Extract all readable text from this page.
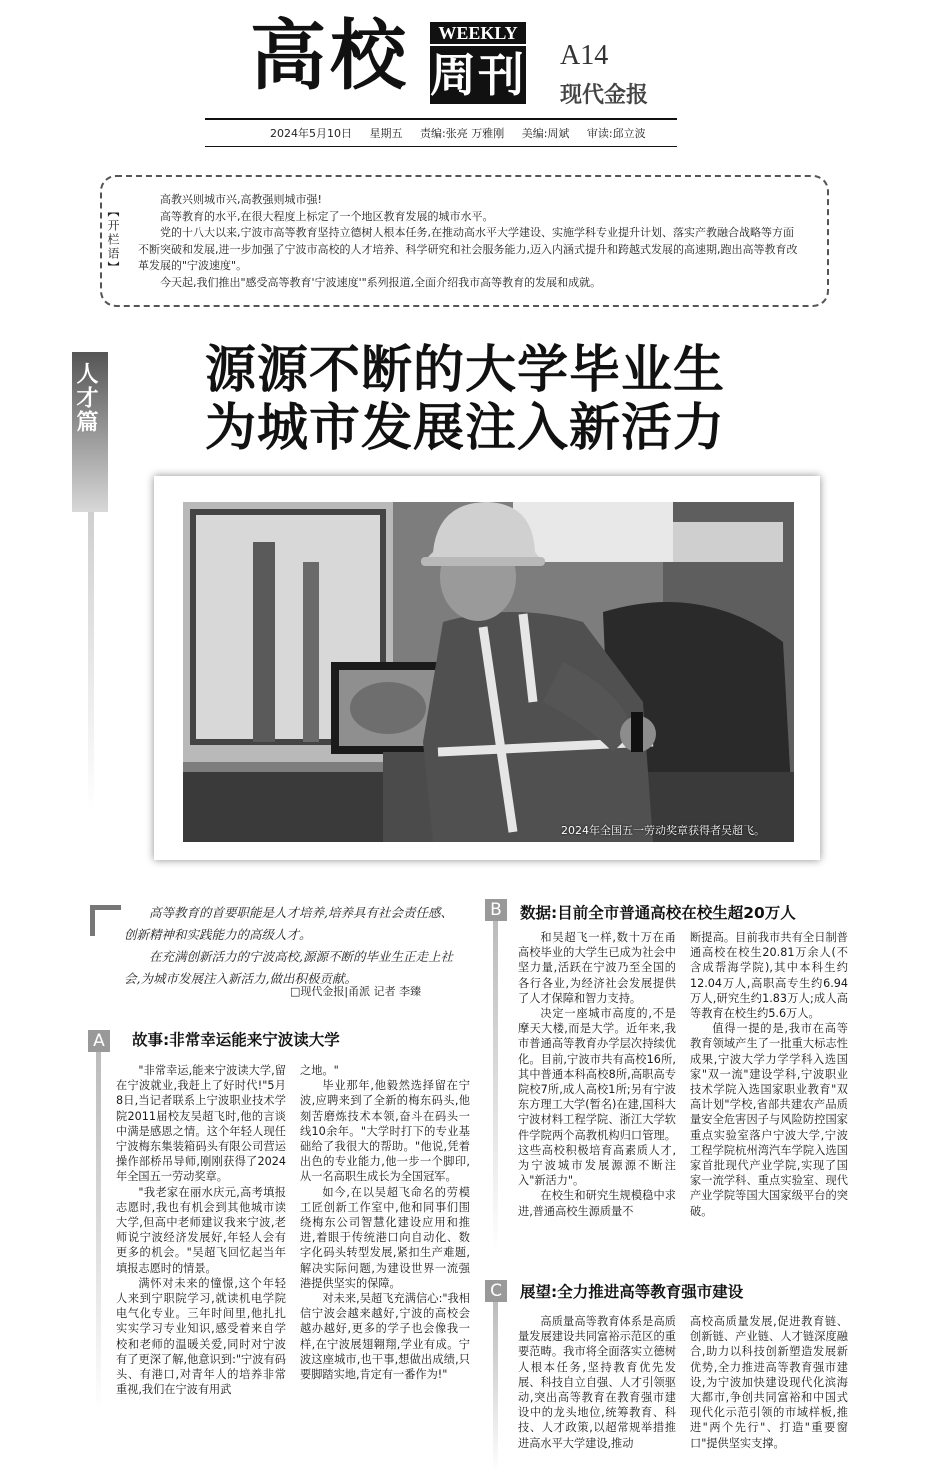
高校	WEEKLY
周刊 A14
现代金报
2024年5月10日 星期五 责编:张亮 万雅刚 美编:周斌 审读:邱立波
【开栏语】

高教兴则城市兴,高教强则城市强!

高等教育的水平,在很大程度上标定了一个地区教育发展的城市水平。

党的十八大以来,宁波市高等教育坚持立德树人根本任务,在推动高水平大学建设、实施学科专业提升计划、落实产教融合战略等方面不断突破和发展,进一步加强了宁波市高校的人才培养、科学研究和社会服务能力,迈入内涵式提升和跨越式发展的高速期,跑出高等教育改革发展的"宁波速度"。

今天起,我们推出"感受高等教育'宁波速度'"系列报道,全面介绍我市高等教育的发展和成就。

人才篇 源源不断的大学毕业生
为城市发展注入新活力
2024年全国五一劳动奖章获得者吴超飞。

高等教育的首要职能是人才培养,培养具有社会责任感、创新精神和实践能力的高级人才。

在充满创新活力的宁波高校,源源不断的毕业生正走上社会,为城市发展注入新活力,做出积极贡献。

□现代金报|甬派 记者 李臻
A	故事:非常幸运能来宁波读大学

"非常幸运,能来宁波读大学,留在宁波就业,我赶上了好时代!"5月8日,当记者联系上宁波职业技术学院2011届校友吴超飞时,他的言谈中满是感恩之情。这个年轻人现任宁波梅东集装箱码头有限公司营运操作部桥吊导师,刚刚获得了2024年全国五一劳动奖章。

"我老家在丽水庆元,高考填报志愿时,我也有机会到其他城市读大学,但高中老师建议我来宁波,老师说宁波经济发展好,年轻人会有更多的机会。"吴超飞回忆起当年填报志愿时的情景。

满怀对未来的憧憬,这个年轻人来到宁职院学习,就读机电学院电气化专业。三年时间里,他扎扎实实学习专业知识,感受着来自学校和老师的温暖关爱,同时对宁波有了更深了解,他意识到:"宁波有码头、有港口,对青年人的培养非常重视,我们在宁波有用武

之地。"

毕业那年,他毅然选择留在宁波,应聘来到了全新的梅东码头,他刻苦磨炼技术本领,奋斗在码头一线10余年。"大学时打下的专业基础给了我很大的帮助。"他说,凭着出色的专业能力,他一步一个脚印,从一名高职生成长为全国冠军。

如今,在以吴超飞命名的劳模工匠创新工作室中,他和同事们围绕梅东公司智慧化建设应用和推进,着眼于传统港口向自动化、数字化码头转型发展,紧扣生产难题,解决实际问题,为建设世界一流强港提供坚实的保障。

对未来,吴超飞充满信心:"我相信宁波会越来越好,宁波的高校会越办越好,更多的学子也会像我一样,在宁波展翅翱翔,学业有成。宁波这座城市,也干事,想做出成绩,只要脚踏实地,肯定有一番作为!"

B	数据:目前全市普通高校在校生超20万人

和吴超飞一样,数十万在甬高校毕业的大学生已成为社会中坚力量,活跃在宁波乃至全国的各行各业,为经济社会发展提供了人才保障和智力支持。

决定一座城市高度的,不是摩天大楼,而是大学。近年来,我市普通高等教育办学层次持续优化。目前,宁波市共有高校16所,其中普通本科高校8所,高职高专院校7所,成人高校1所;另有宁波东方理工大学(暂名)在建,国科大宁波材料工程学院、浙江大学软件学院两个高教机构归口管理。这些高校积极培育高素质人才,为宁波城市发展源源不断注入"新活力"。

在校生和研究生规模稳中求进,普通高校生源质量不

断提高。目前我市共有全日制普通高校在校生20.81万余人(不含成帮海学院),其中本科生约12.04万人,高职高专生约6.94万人,研究生约1.83万人;成人高等教育在校生约5.6万人。

值得一提的是,我市在高等教育领域产生了一批重大标志性成果,宁波大学力学学科入选国家"双一流"建设学科,宁波职业技术学院入选国家职业教育"双高计划"学校,省部共建农产品质量安全危害因子与风险防控国家重点实验室落户宁波大学,宁波工程学院杭州湾汽车学院入选国家首批现代产业学院,实现了国家一流学科、重点实验室、现代产业学院等国大国家级平台的突破。

C	展望:全力推进高等教育强市建设

高质量高等教育体系是高质量发展建设共同富裕示范区的重要范畴。我市将全面落实立德树人根本任务,坚持教育优先发展、科技自立自强、人才引领驱动,突出高等教育在教育强市建设中的龙头地位,统筹教育、科技、人才政策,以超常规举措推进高水平大学建设,推动

高校高质量发展,促进教育链、创新链、产业链、人才链深度融合,助力以科技创新塑造发展新优势,全力推进高等教育强市建设,为宁波加快建设现代化滨海大都市,争创共同富裕和中国式现代化示范引领的市域样板,推进"两个先行"、打造"重要窗口"提供坚实支撑。
